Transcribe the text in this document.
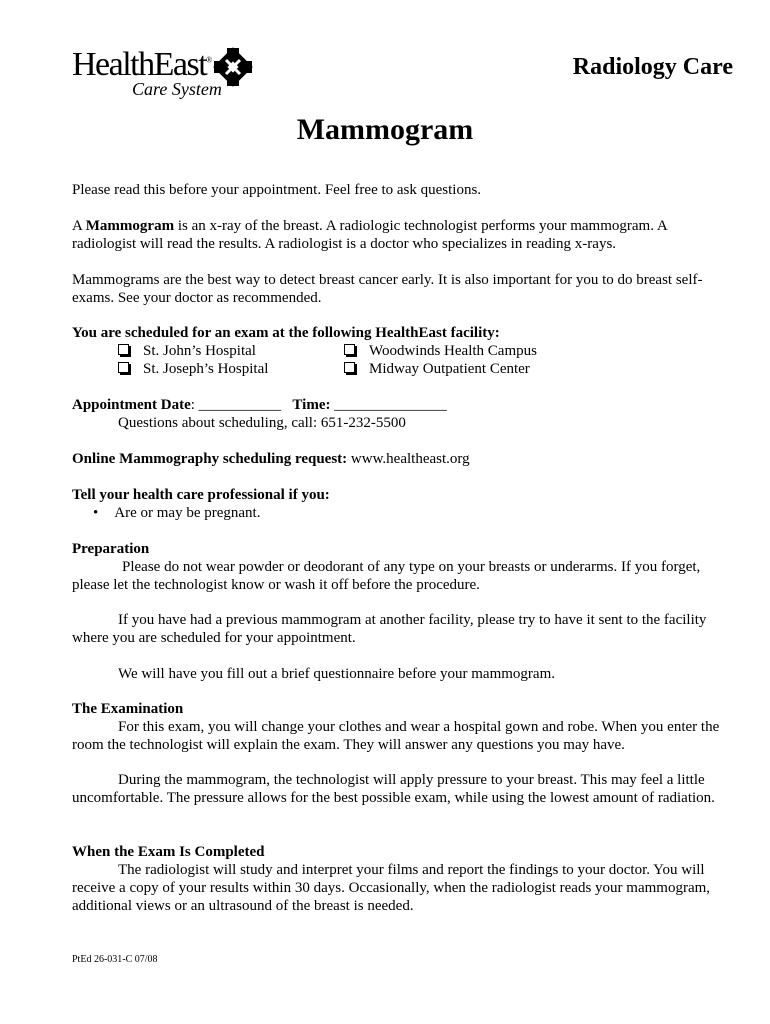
HealthEast®
Care System
Radiology Care
Mammogram
Please read this before your appointment. Feel free to ask questions.
A Mammogram is an x-ray of the breast. A radiologic technologist performs your mammogram. A radiologist will read the results. A radiologist is a doctor who specializes in reading x-rays.
Mammograms are the best way to detect breast cancer early. It is also important for you to do breast self-exams. See your doctor as recommended.
You are scheduled for an exam at the following HealthEast facility:
St. John’s Hospital	Woodwinds Health Campus
St. Joseph’s Hospital	Midway Outpatient Center
Appointment Date: ___________ Time: _______________
Questions about scheduling, call: 651-232-5500
Online Mammography scheduling request: www.healtheast.org
Tell your health care professional if you:
• Are or may be pregnant.
Preparation
Please do not wear powder or deodorant of any type on your breasts or underarms. If you forget, please let the technologist know or wash it off before the procedure.
If you have had a previous mammogram at another facility, please try to have it sent to the facility where you are scheduled for your appointment.
We will have you fill out a brief questionnaire before your mammogram.
The Examination
For this exam, you will change your clothes and wear a hospital gown and robe. When you enter the room the technologist will explain the exam. They will answer any questions you may have.
During the mammogram, the technologist will apply pressure to your breast. This may feel a little uncomfortable. The pressure allows for the best possible exam, while using the lowest amount of radiation.
When the Exam Is Completed
The radiologist will study and interpret your films and report the findings to your doctor. You will receive a copy of your results within 30 days. Occasionally, when the radiologist reads your mammogram, additional views or an ultrasound of the breast is needed.
PtEd 26-031-C 07/08
